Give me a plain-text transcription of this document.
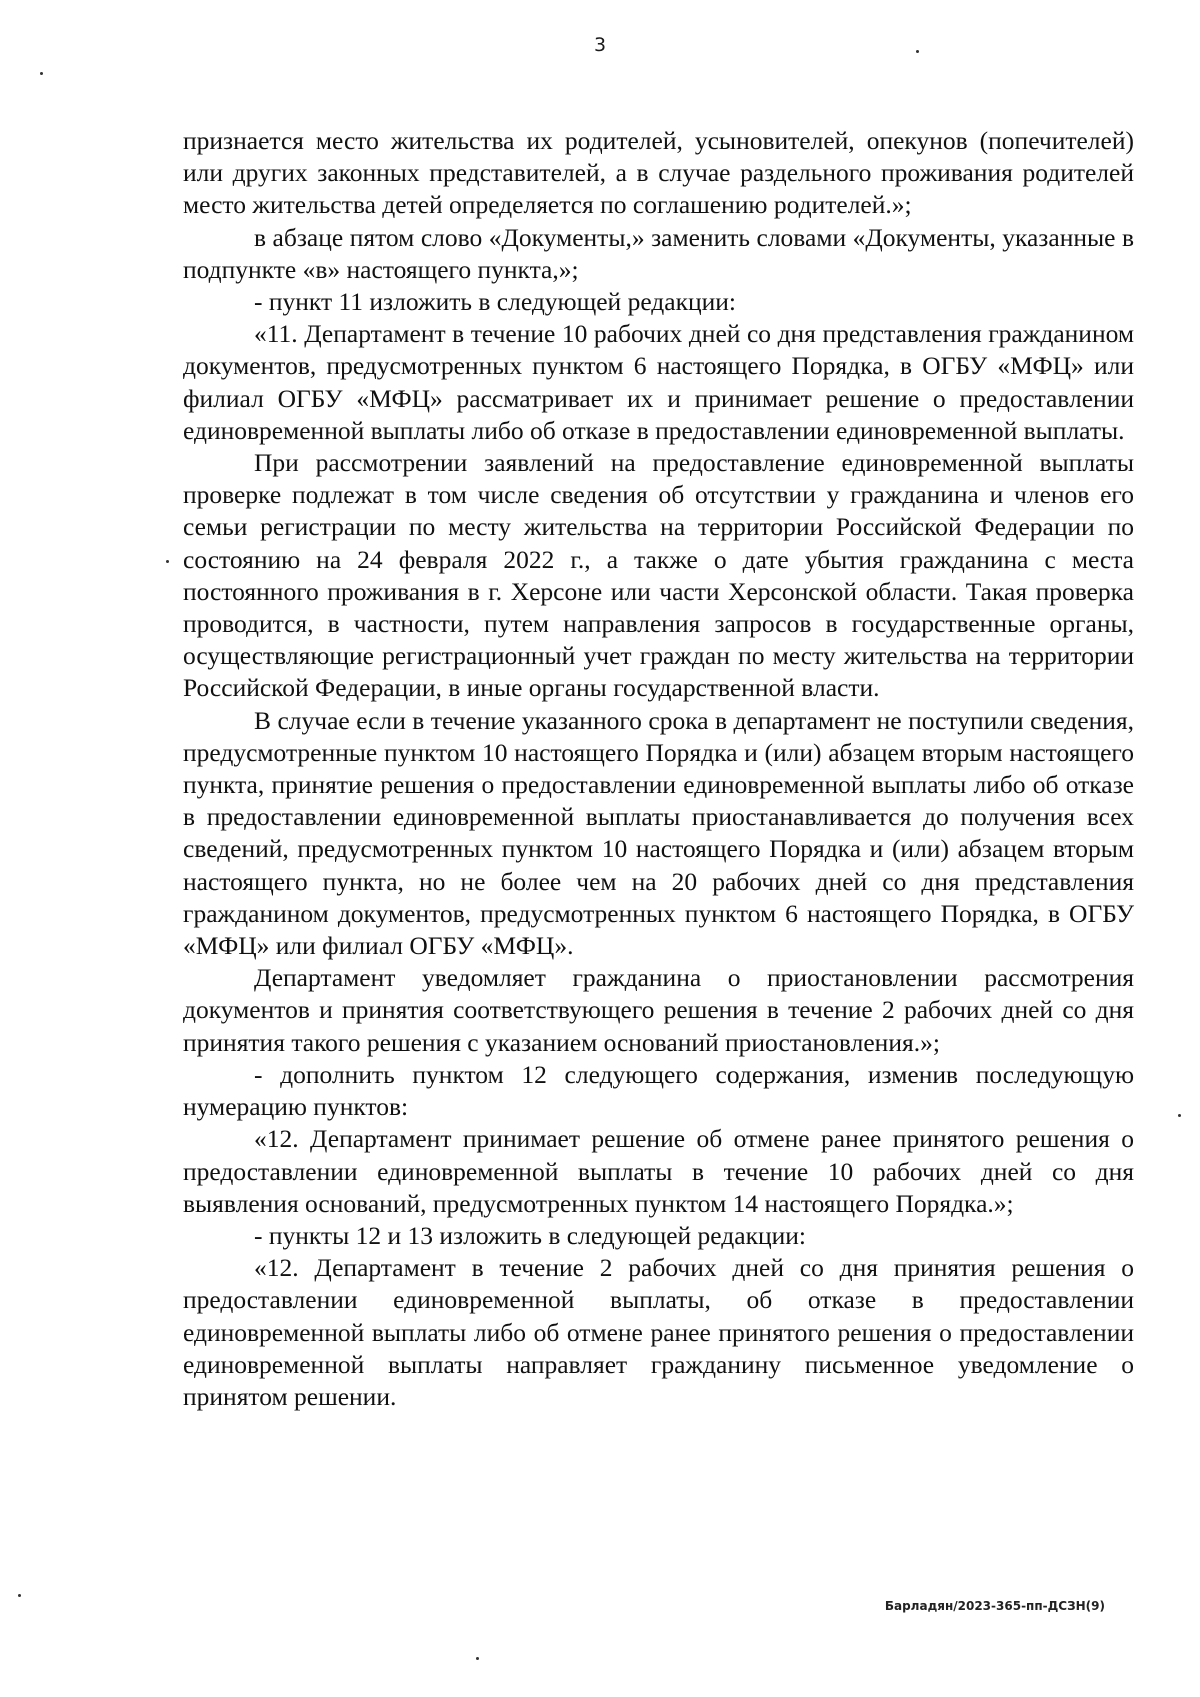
3

признается место жительства их родителей, усыновителей, опекунов (попечителей) или других законных представителей, а в случае раздельного проживания родителей место жительства детей определяется по соглашению родителей.»;

в абзаце пятом слово «Документы,» заменить словами «Документы, указанные в подпункте «в» настоящего пункта,»;

- пункт 11 изложить в следующей редакции:

«11. Департамент в течение 10 рабочих дней со дня представления гражданином документов, предусмотренных пунктом 6 настоящего Порядка, в ОГБУ «МФЦ» или филиал ОГБУ «МФЦ» рассматривает их и принимает решение о предоставлении единовременной выплаты либо об отказе в предоставлении единовременной выплаты.

При рассмотрении заявлений на предоставление единовременной выплаты проверке подлежат в том числе сведения об отсутствии у гражданина и членов его семьи регистрации по месту жительства на территории Российской Федерации по состоянию на 24 февраля 2022 г., а также о дате убытия гражданина с места постоянного проживания в г. Херсоне или части Херсонской области. Такая проверка проводится, в частности, путем направления запросов в государственные органы, осуществляющие регистрационный учет граждан по месту жительства на территории Российской Федерации, в иные органы государственной власти.

В случае если в течение указанного срока в департамент не поступили сведения, предусмотренные пунктом 10 настоящего Порядка и (или) абзацем вторым настоящего пункта, принятие решения о предоставлении единовременной выплаты либо об отказе в предоставлении единовременной выплаты приостанавливается до получения всех сведений, предусмотренных пунктом 10 настоящего Порядка и (или) абзацем вторым настоящего пункта, но не более чем на 20 рабочих дней со дня представления гражданином документов, предусмотренных пунктом 6 настоящего Порядка, в ОГБУ «МФЦ» или филиал ОГБУ «МФЦ».

Департамент уведомляет гражданина о приостановлении рассмотрения документов и принятия соответствующего решения в течение 2 рабочих дней со дня принятия такого решения с указанием оснований приостановления.»;

- дополнить пунктом 12 следующего содержания, изменив последующую нумерацию пунктов:

«12. Департамент принимает решение об отмене ранее принятого решения о предоставлении единовременной выплаты в течение 10 рабочих дней со дня выявления оснований, предусмотренных пунктом 14 настоящего Порядка.»;

- пункты 12 и 13 изложить в следующей редакции:

«12. Департамент в течение 2 рабочих дней со дня принятия решения о предоставлении единовременной выплаты, об отказе в предоставлении единовременной выплаты либо об отмене ранее принятого решения о предоставлении единовременной выплаты направляет гражданину письменное уведомление о принятом решении.

Барладян/2023-365-пп-ДСЗН(9)
